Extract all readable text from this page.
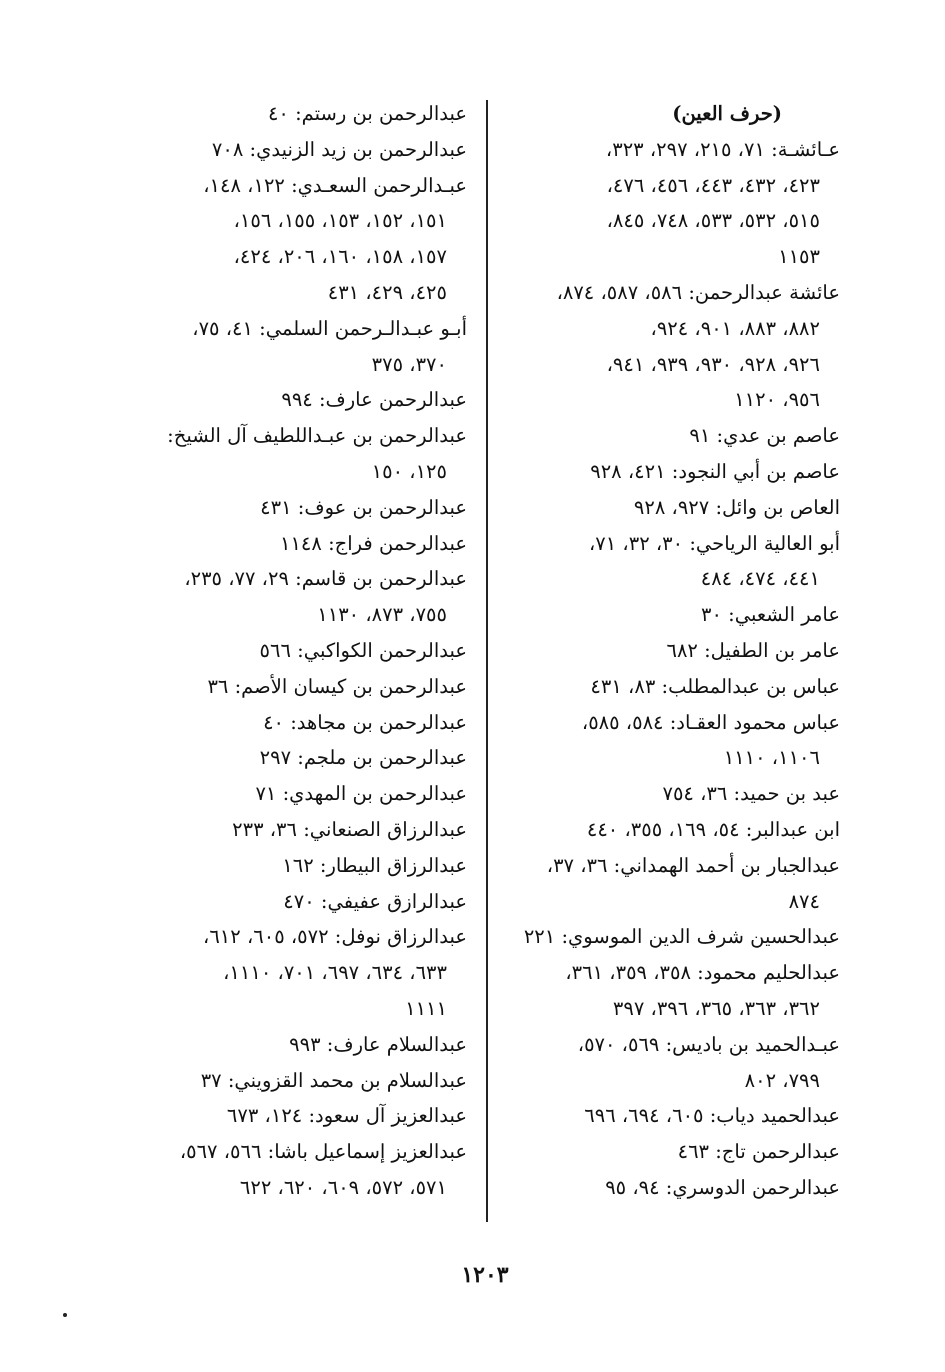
(حرف العين)
عـائشـة: ٧١، ٢١٥، ٢٩٧، ٣٢٣،
٤٢٣، ٤٣٢، ٤٤٣، ٤٥٦، ٤٧٦،
٥١٥، ٥٣٢، ٥٣٣، ٧٤٨، ٨٤٥،
١١٥٣
عائشة عبدالرحمن: ٥٨٦، ٥٨٧، ٨٧٤،
٨٨٢، ٨٨٣، ٩٠١، ٩٢٤،
٩٢٦، ٩٢٨، ٩٣٠، ٩٣٩، ٩٤١،
٩٥٦، ١١٢٠
عاصم بن عدي: ٩١
عاصم بن أبي النجود: ٤٢١، ٩٢٨
العاص بن وائل: ٩٢٧، ٩٢٨
أبو العالية الرياحي: ٣٠، ٣٢، ٧١،
٤٤١، ٤٧٤، ٤٨٤
عامر الشعبي: ٣٠
عامر بن الطفيل: ٦٨٢
عباس بن عبدالمطلب: ٨٣، ٤٣١
عباس محمود العقـاد: ٥٨٤، ٥٨٥،
١١٠٦، ١١١٠
عبد بن حميد: ٣٦، ٧٥٤
ابن عبدالبر: ٥٤، ١٦٩، ٣٥٥، ٤٤٠
عبدالجبار بن أحمد الهمداني: ٣٦، ٣٧،
٨٧٤
عبدالحسين شرف الدين الموسوي: ٢٢١
عبدالحليم محمود: ٣٥٨، ٣٥٩، ٣٦١،
٣٦٢، ٣٦٣، ٣٦٥، ٣٩٦، ٣٩٧
عبـدالحميد بن باديس: ٥٦٩، ٥٧٠،
٧٩٩، ٨٠٢
عبدالحميد دياب: ٦٠٥، ٦٩٤، ٦٩٦
عبدالرحمن تاج: ٤٦٣
عبدالرحمن الدوسري: ٩٤، ٩٥
عبدالرحمن بن رستم: ٤٠
عبدالرحمن بن زيد الزنيدي: ٧٠٨
عبـدالرحمن السعـدي: ١٢٢، ١٤٨،
١٥١، ١٥٢، ١٥٣، ١٥٥، ١٥٦،
١٥٧، ١٥٨، ١٦٠، ٢٠٦، ٤٢٤،
٤٢٥، ٤٢٩، ٤٣١
أبـو عبـدالـرحمن السلمي: ٤١، ٧٥،
٣٧٠، ٣٧٥
عبدالرحمن عارف: ٩٩٤
عبدالرحمن بن عبـداللطيف آل الشيخ:
١٢٥، ١٥٠
عبدالرحمن بن عوف: ٤٣١
عبدالرحمن فراج: ١١٤٨
عبدالرحمن بن قاسم: ٢٩، ٧٧، ٢٣٥،
٧٥٥، ٨٧٣، ١١٣٠
عبدالرحمن الكواكبي: ٥٦٦
عبدالرحمن بن كيسان الأصم: ٣٦
عبدالرحمن بن مجاهد: ٤٠
عبدالرحمن بن ملجم: ٢٩٧
عبدالرحمن بن المهدي: ٧١
عبدالرزاق الصنعاني: ٣٦، ٢٣٣
عبدالرزاق البيطار: ١٦٢
عبدالرازق عفيفي: ٤٧٠
عبدالرزاق نوفل: ٥٧٢، ٦٠٥، ٦١٢،
٦٣٣، ٦٣٤، ٦٩٧، ٧٠١، ١١١٠،
١١١١
عبدالسلام عارف: ٩٩٣
عبدالسلام بن محمد القزويني: ٣٧
عبدالعزيز آل سعود: ١٢٤، ٦٧٣
عبدالعزيز إسماعيل باشا: ٥٦٦، ٥٦٧،
٥٧١، ٥٧٢، ٦٠٩، ٦٢٠، ٦٢٢
١٢٠٣
